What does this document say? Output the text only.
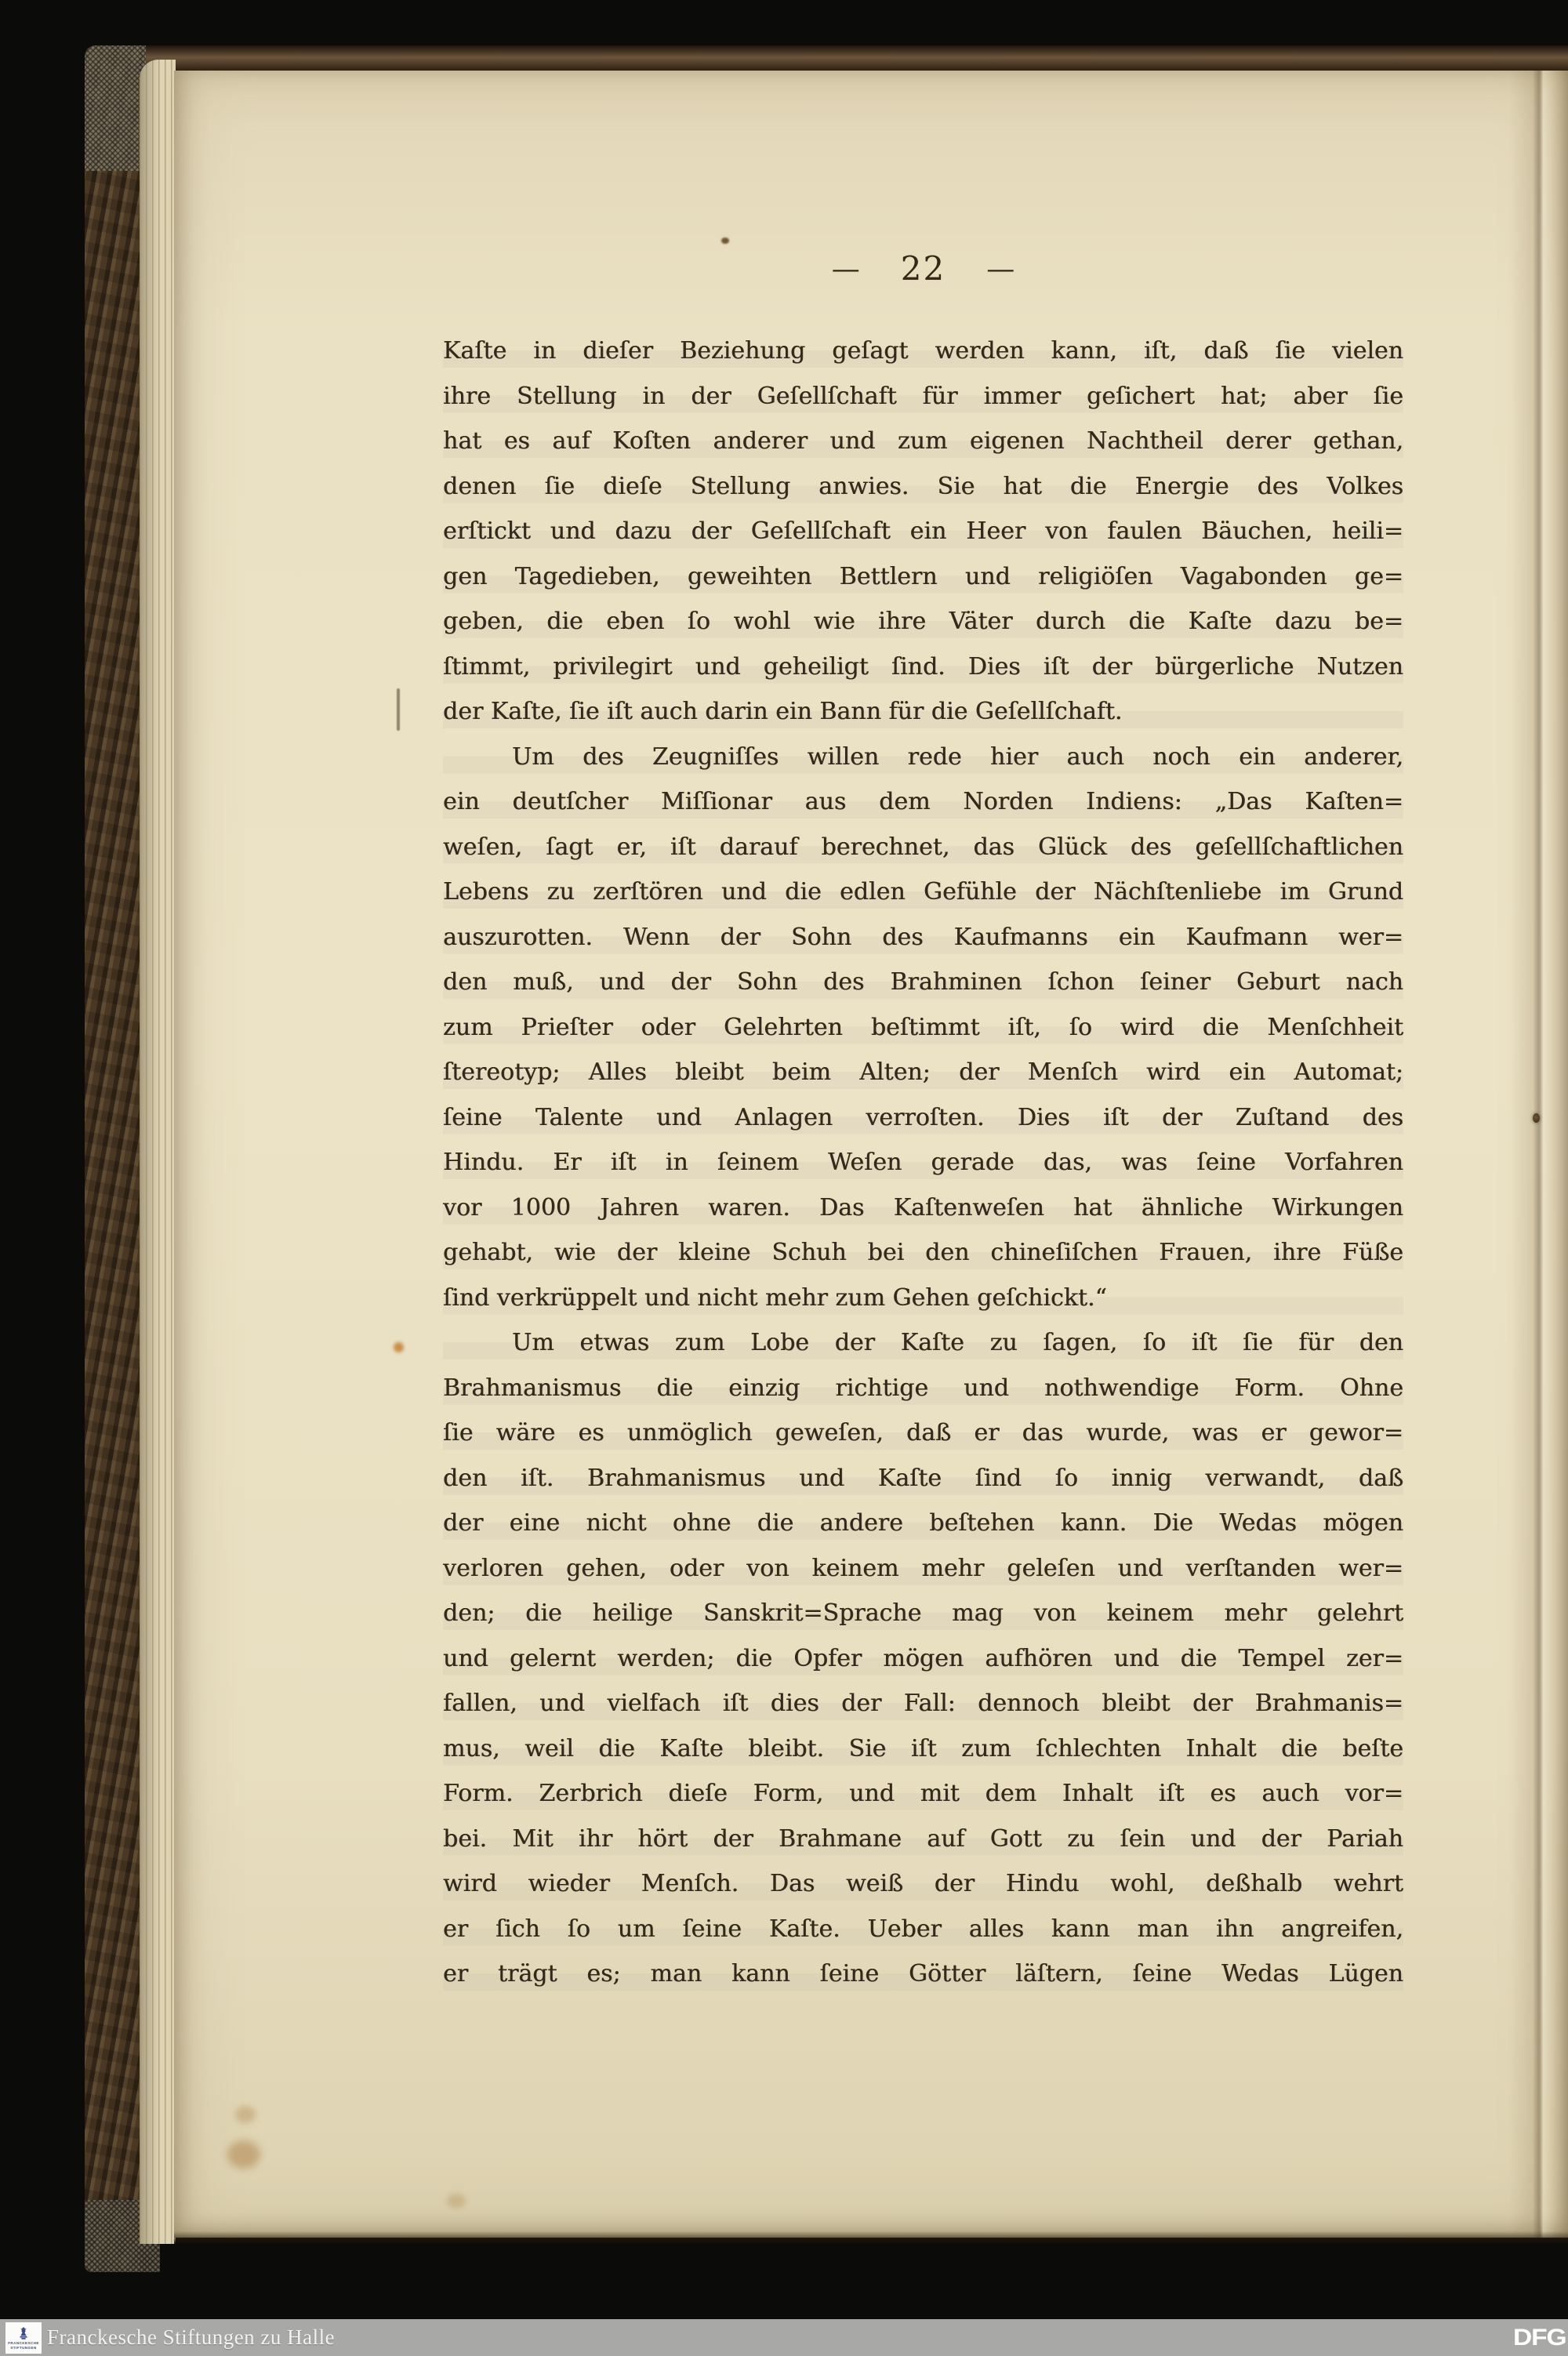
— 22 —
Kaſte in dieſer Beziehung geſagt werden kann, iſt, daß ſie vielen
ihre Stellung in der Geſellſchaft für immer geſichert hat; aber ſie
hat es auf Koſten anderer und zum eigenen Nachtheil derer gethan,
denen ſie dieſe Stellung anwies. Sie hat die Energie des Volkes
erſtickt und dazu der Geſellſchaft ein Heer von faulen Bäuchen, heili=
gen Tagedieben, geweihten Bettlern und religiöſen Vagabonden ge=
geben, die eben ſo wohl wie ihre Väter durch die Kaſte dazu be=
ſtimmt, privilegirt und geheiligt ſind. Dies iſt der bürgerliche Nutzen
der Kaſte, ſie iſt auch darin ein Bann für die Geſellſchaft.
Um des Zeugniſſes willen rede hier auch noch ein anderer,
ein deutſcher Miſſionar aus dem Norden Indiens: „Das Kaſten=
weſen, ſagt er, iſt darauf berechnet, das Glück des geſellſchaftlichen
Lebens zu zerſtören und die edlen Gefühle der Nächſtenliebe im Grund
auszurotten. Wenn der Sohn des Kaufmanns ein Kaufmann wer=
den muß, und der Sohn des Brahminen ſchon ſeiner Geburt nach
zum Prieſter oder Gelehrten beſtimmt iſt, ſo wird die Menſchheit
ſtereotyp; Alles bleibt beim Alten; der Menſch wird ein Automat;
ſeine Talente und Anlagen verroſten. Dies iſt der Zuſtand des
Hindu. Er iſt in ſeinem Weſen gerade das, was ſeine Vorfahren
vor 1000 Jahren waren. Das Kaſtenweſen hat ähnliche Wirkungen
gehabt, wie der kleine Schuh bei den chineſiſchen Frauen, ihre Füße
ſind verkrüppelt und nicht mehr zum Gehen geſchickt.“
Um etwas zum Lobe der Kaſte zu ſagen, ſo iſt ſie für den
Brahmanismus die einzig richtige und nothwendige Form. Ohne
ſie wäre es unmöglich geweſen, daß er das wurde, was er gewor=
den iſt. Brahmanismus und Kaſte ſind ſo innig verwandt, daß
der eine nicht ohne die andere beſtehen kann. Die Wedas mögen
verloren gehen, oder von keinem mehr geleſen und verſtanden wer=
den; die heilige Sanskrit=Sprache mag von keinem mehr gelehrt
und gelernt werden; die Opfer mögen aufhören und die Tempel zer=
fallen, und vielfach iſt dies der Fall: dennoch bleibt der Brahmanis=
mus, weil die Kaſte bleibt. Sie iſt zum ſchlechten Inhalt die beſte
Form. Zerbrich dieſe Form, und mit dem Inhalt iſt es auch vor=
bei. Mit ihr hört der Brahmane auf Gott zu ſein und der Pariah
wird wieder Menſch. Das weiß der Hindu wohl, deßhalb wehrt
er ſich ſo um ſeine Kaſte. Ueber alles kann man ihn angreifen,
er trägt es; man kann ſeine Götter läſtern, ſeine Wedas Lügen
FRANCKESCHE
STIFTUNGEN Franckesche Stiftungen zu Halle	DFG
